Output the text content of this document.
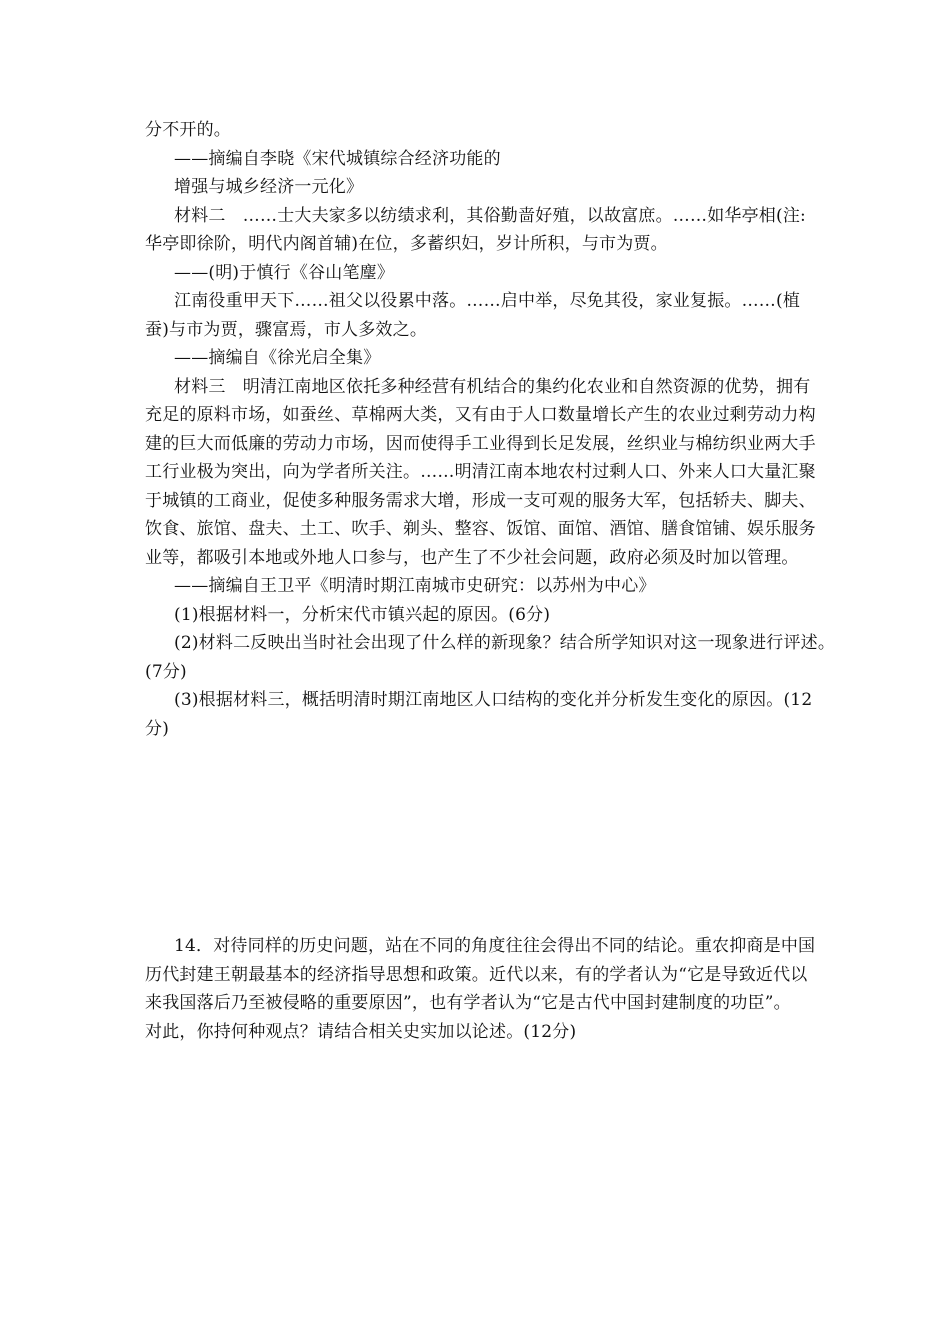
分不开的。
——摘编自李晓《宋代城镇综合经济功能的
增强与城乡经济一元化》
材料二　……士大夫家多以纺绩求利，其俗勤啬好殖，以故富庶。……如华亭相(注:
华亭即徐阶，明代内阁首辅)在位，多蓄织妇，岁计所积，与市为贾。
——(明)于慎行《谷山笔麈》
江南役重甲天下……祖父以役累中落。……启中举，尽免其役，家业复振。……(植
蚕)与市为贾，骤富焉，市人多效之。
——摘编自《徐光启全集》
材料三　明清江南地区依托多种经营有机结合的集约化农业和自然资源的优势，拥有
充足的原料市场，如蚕丝、草棉两大类，又有由于人口数量增长产生的农业过剩劳动力构
建的巨大而低廉的劳动力市场，因而使得手工业得到长足发展，丝织业与棉纺织业两大手
工行业极为突出，向为学者所关注。……明清江南本地农村过剩人口、外来人口大量汇聚
于城镇的工商业，促使多种服务需求大增，形成一支可观的服务大军，包括轿夫、脚夫、
饮食、旅馆、盘夫、土工、吹手、剃头、整容、饭馆、面馆、酒馆、膳食馆铺、娱乐服务
业等，都吸引本地或外地人口参与，也产生了不少社会问题，政府必须及时加以管理。
——摘编自王卫平《明清时期江南城市史研究：以苏州为中心》
(1)根据材料一，分析宋代市镇兴起的原因。(6分)
(2)材料二反映出当时社会出现了什么样的新现象？结合所学知识对这一现象进行评述。
(7分)
(3)根据材料三，概括明清时期江南地区人口结构的变化并分析发生变化的原因。(12
分)
14．对待同样的历史问题，站在不同的角度往往会得出不同的结论。重农抑商是中国
历代封建王朝最基本的经济指导思想和政策。近代以来，有的学者认为“它是导致近代以
来我国落后乃至被侵略的重要原因”，也有学者认为“它是古代中国封建制度的功臣”。
对此，你持何种观点？请结合相关史实加以论述。(12分)
